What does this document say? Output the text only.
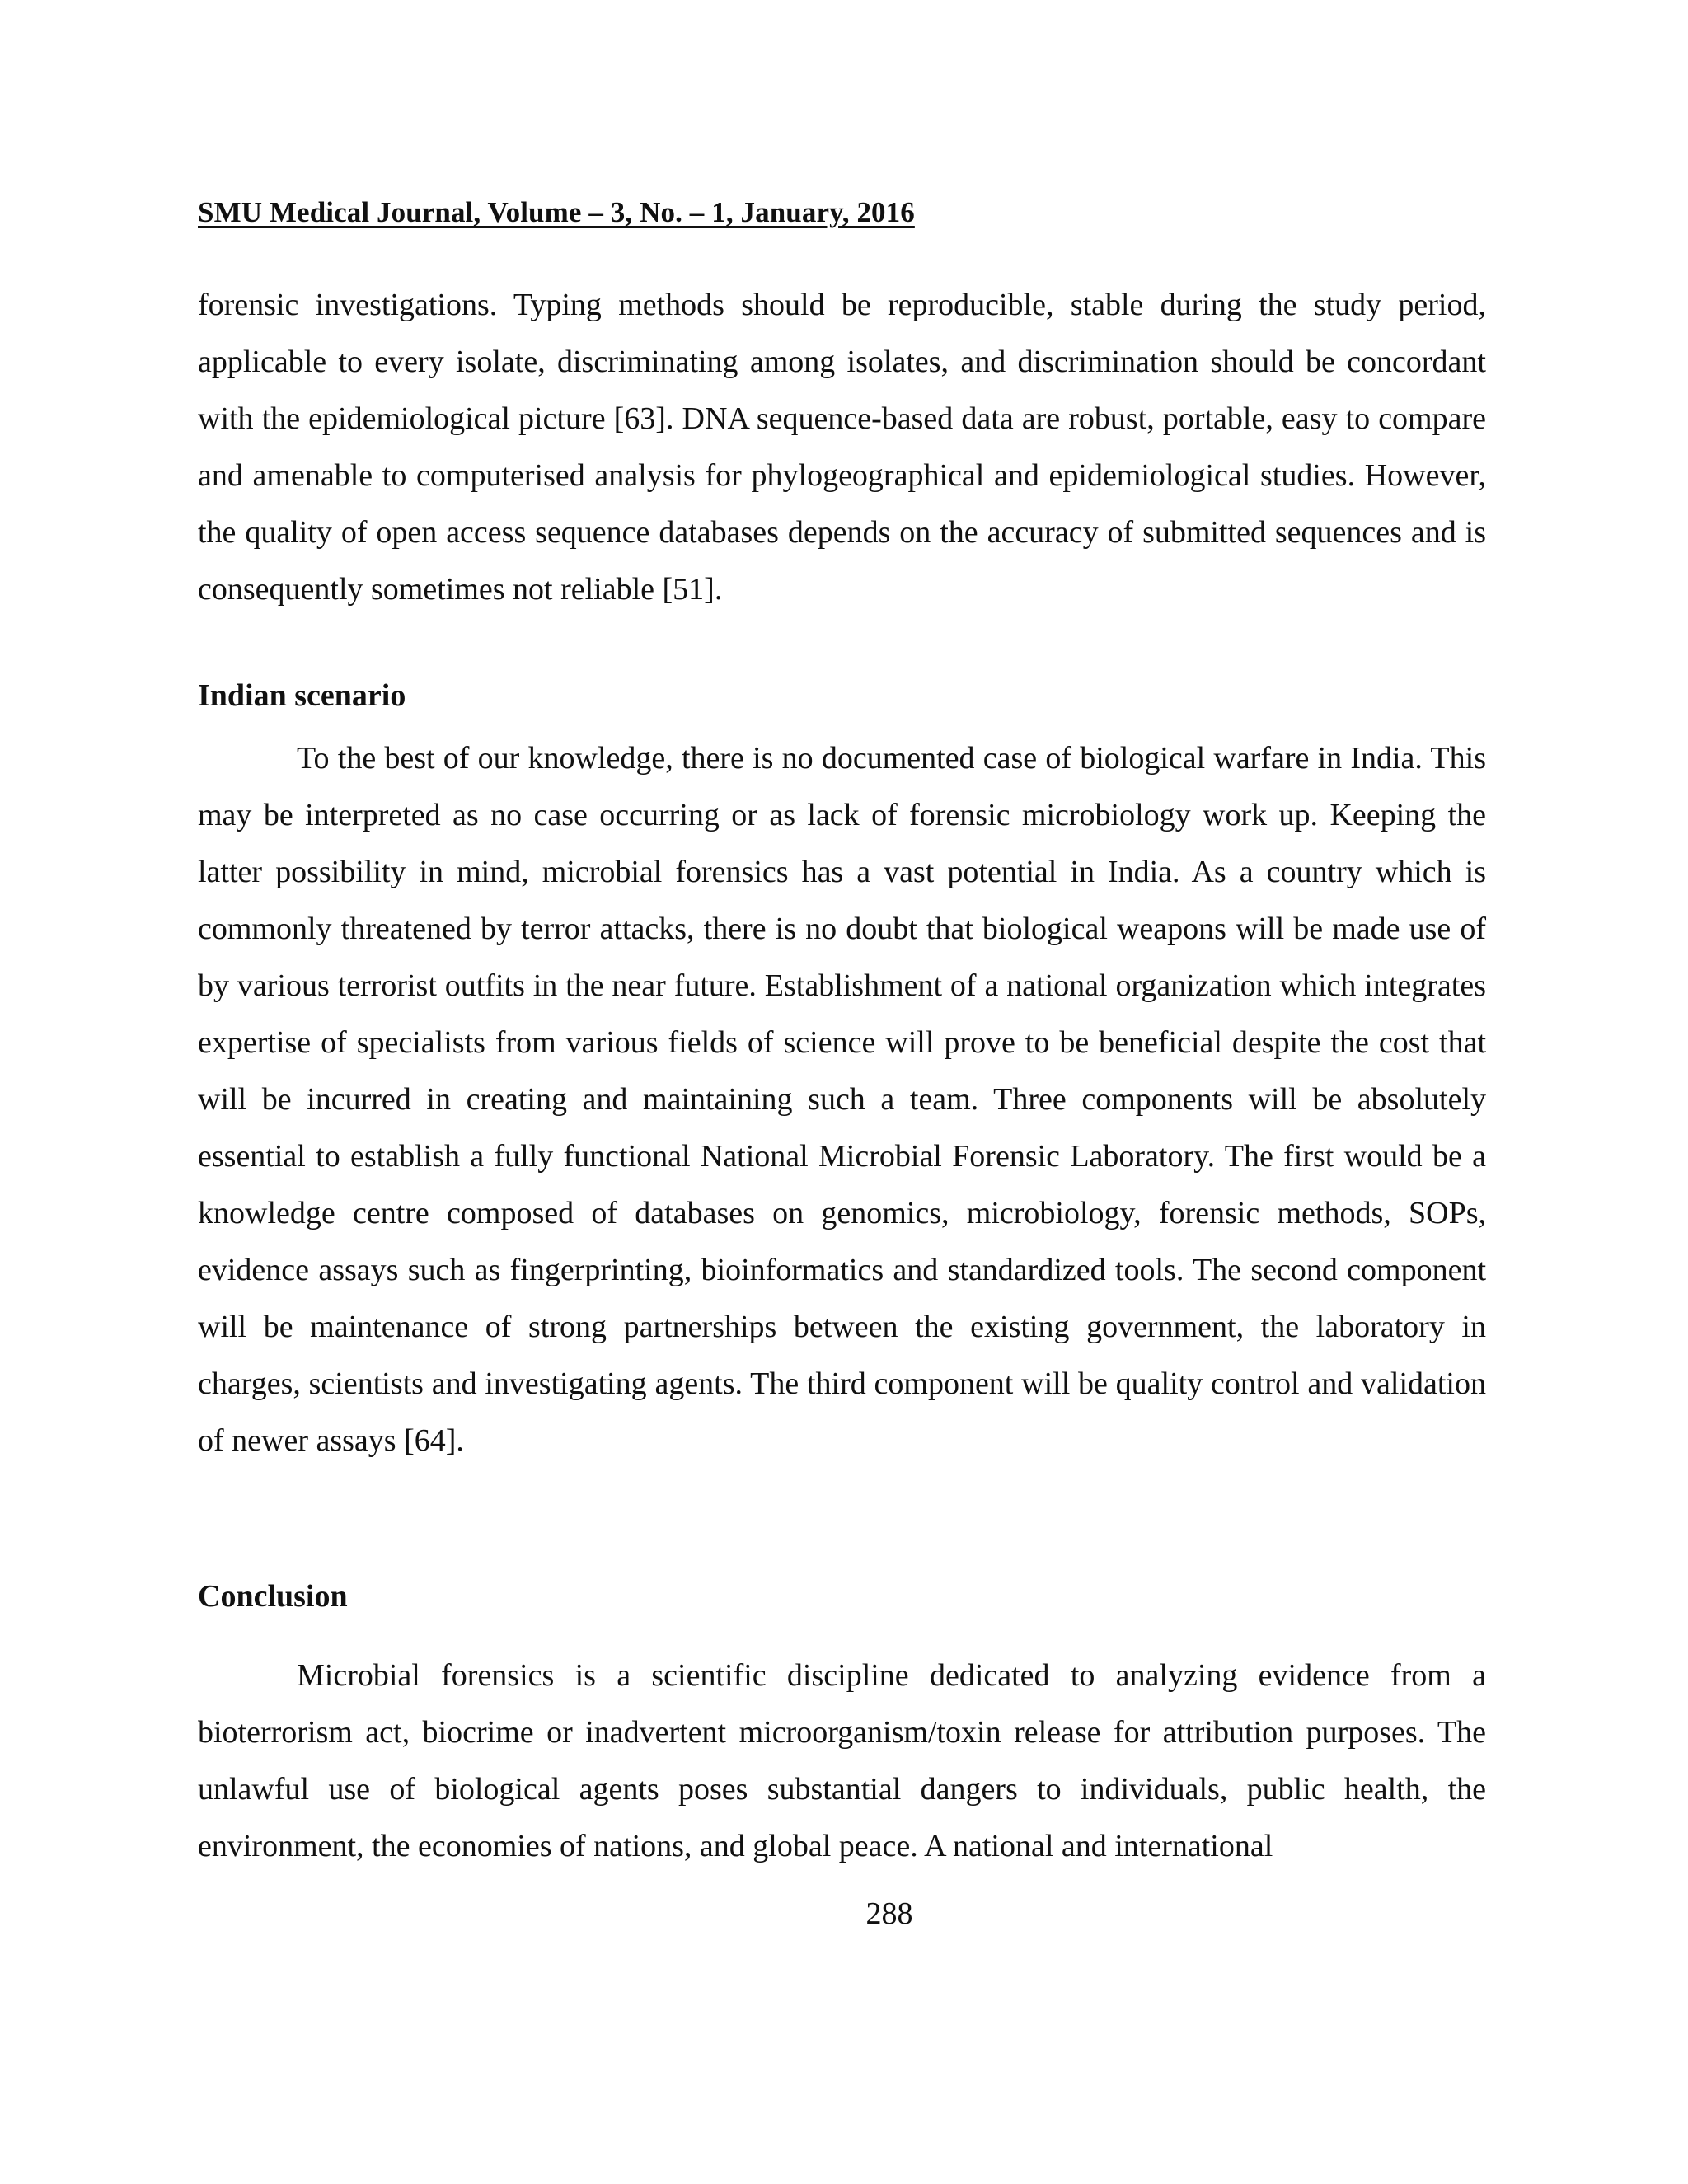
SMU Medical Journal, Volume – 3, No. – 1, January, 2016

forensic investigations. Typing methods should be reproducible, stable during the study period, applicable to every isolate, discriminating among isolates, and discrimination should be concordant with the epidemiological picture [63]. DNA sequence-based data are robust, portable, easy to compare and amenable to computerised analysis for phylogeographical and epidemiological studies. However, the quality of open access sequence databases depends on the accuracy of submitted sequences and is consequently sometimes not reliable [51].

Indian scenario

To the best of our knowledge, there is no documented case of biological warfare in India. This may be interpreted as no case occurring or as lack of forensic microbiology work up. Keeping the latter possibility in mind, microbial forensics has a vast potential in India. As a country which is commonly threatened by terror attacks, there is no doubt that biological weapons will be made use of by various terrorist outfits in the near future. Establishment of a national organization which integrates expertise of specialists from various fields of science will prove to be beneficial despite the cost that will be incurred in creating and maintaining such a team. Three components will be absolutely essential to establish a fully functional National Microbial Forensic Laboratory. The first would be a knowledge centre composed of databases on genomics, microbiology, forensic methods, SOPs, evidence assays such as fingerprinting, bioinformatics and standardized tools. The second component will be maintenance of strong partnerships between the existing government, the laboratory in charges, scientists and investigating agents. The third component will be quality control and validation of newer assays [64].

Conclusion

Microbial forensics is a scientific discipline dedicated to analyzing evidence from a bioterrorism act, biocrime or inadvertent microorganism/toxin release for attribution purposes. The unlawful use of biological agents poses substantial dangers to individuals, public health, the environment, the economies of nations, and global peace. A national and international

288
